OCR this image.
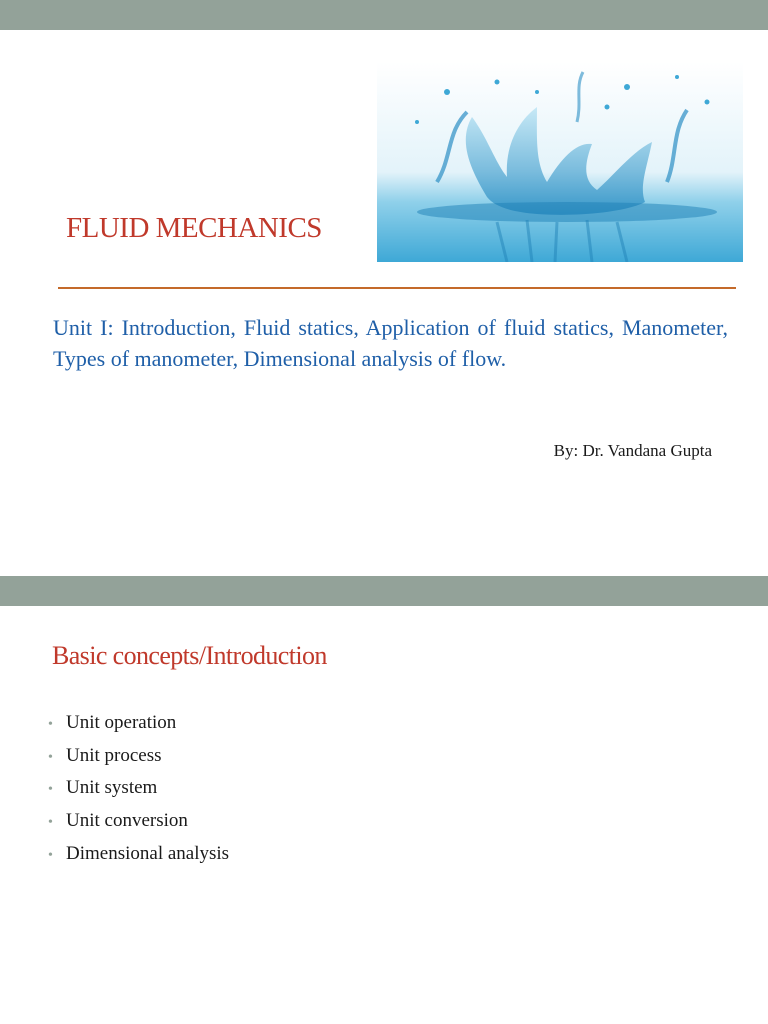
FLUID MECHANICS
Unit I: Introduction, Fluid statics, Application of fluid statics, Manometer, Types of manometer, Dimensional analysis of flow.
By: Dr. Vandana Gupta
Basic concepts/Introduction
• Unit operation
• Unit process
• Unit system
• Unit conversion
• Dimensional analysis
